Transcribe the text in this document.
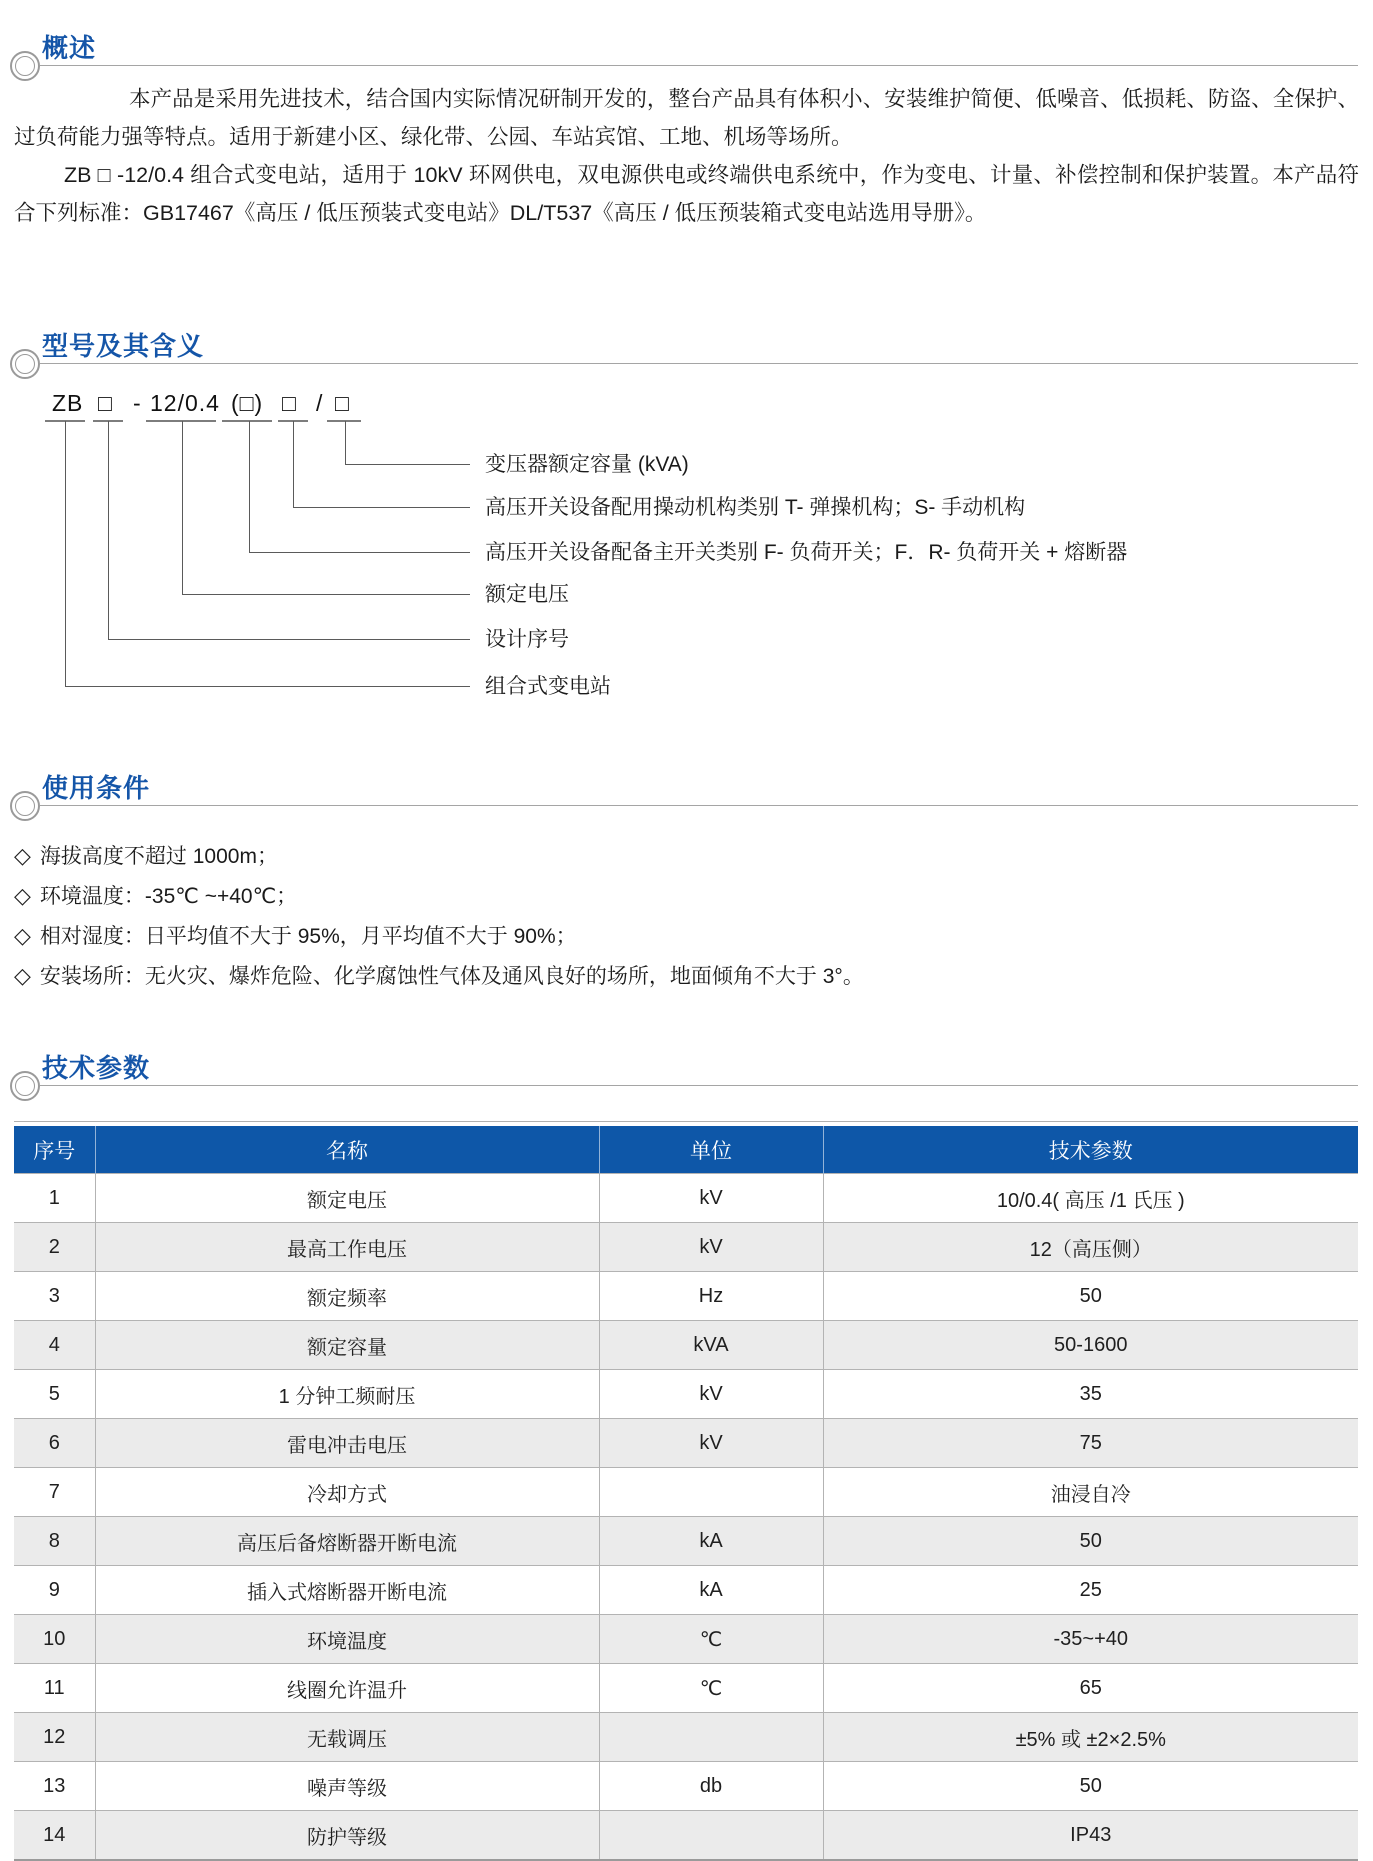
概述

本产品是采用先进技术，结合国内实际情况研制开发的，整台产品具有体积小、安装维护简便、低噪音、低损耗、防盗、全保护、过负荷能力强等特点。适用于新建小区、绿化带、公园、车站宾馆、工地、机场等场所。

ZB □ -12/0.4 组合式变电站，适用于 10kV 环网供电，双电源供电或终端供电系统中，作为变电、计量、补偿控制和保护装置。本产品符合下列标准：GB17467《高压 / 低压预装式变电站》DL/T537《高压 / 低压预装箱式变电站选用导册》。

型号及其含义
ZB □ - 12/0.4 (□) □ / □
变压器额定容量 (kVA)
高压开关设备配用操动机构类别 T- 弹操机构；S- 手动机构
高压开关设备配备主开关类别 F- 负荷开关；F．R- 负荷开关 + 熔断器
额定电压
设计序号
组合式变电站
使用条件
◇ 海拔高度不超过 1000m；
◇ 环境温度：-35℃ ~+40℃；
◇ 相对湿度：日平均值不大于 95%，月平均值不大于 90%；
◇ 安装场所：无火灾、爆炸危险、化学腐蚀性气体及通风良好的场所，地面倾角不大于 3°。
技术参数
序号	名称	单位	技术参数
1	额定电压	kV	10/0.4( 高压 /1 氏压 )
2	最高工作电压	kV	12（高压侧）
3	额定频率	Hz	50
4	额定容量	kVA	50-1600
5	1 分钟工频耐压	kV	35
6	雷电冲击电压	kV	75
7	冷却方式		油浸自冷
8	高压后备熔断器开断电流	kA	50
9	插入式熔断器开断电流	kA	25
10	环境温度	℃	-35~+40
11	线圈允许温升	℃	65
12	无载调压		±5% 或 ±2×2.5%
13	噪声等级	db	50
14	防护等级		IP43
